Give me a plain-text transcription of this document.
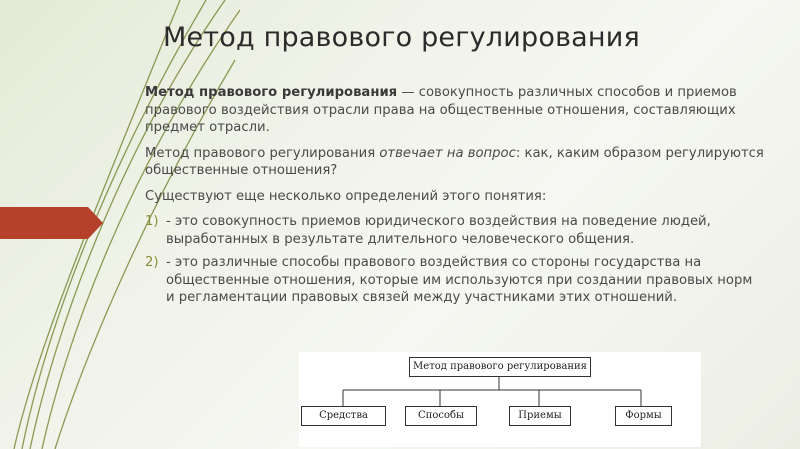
Метод правового регулирования

Метод правового регулирования — совокупность различных способов и приемов правового воздействия отрасли права на общественные отношения, составляющих предмет отрасли.

Метод правового регулирования отвечает на вопрос: как, каким образом регулируются общественные отношения?

Существуют еще несколько определений этого понятия:

1) - это совокупность приемов юридического воздействия на поведение людей, выработанных в результате длительного человеческого общения.
2) - это различные способы правового воздействия со стороны государства на общественные отношения, которые им используются при создании правовых норм и регламентации правовых связей между участниками этих отношений.
Метод правового регулирования
Средства	Способы	Приемы	Формы
